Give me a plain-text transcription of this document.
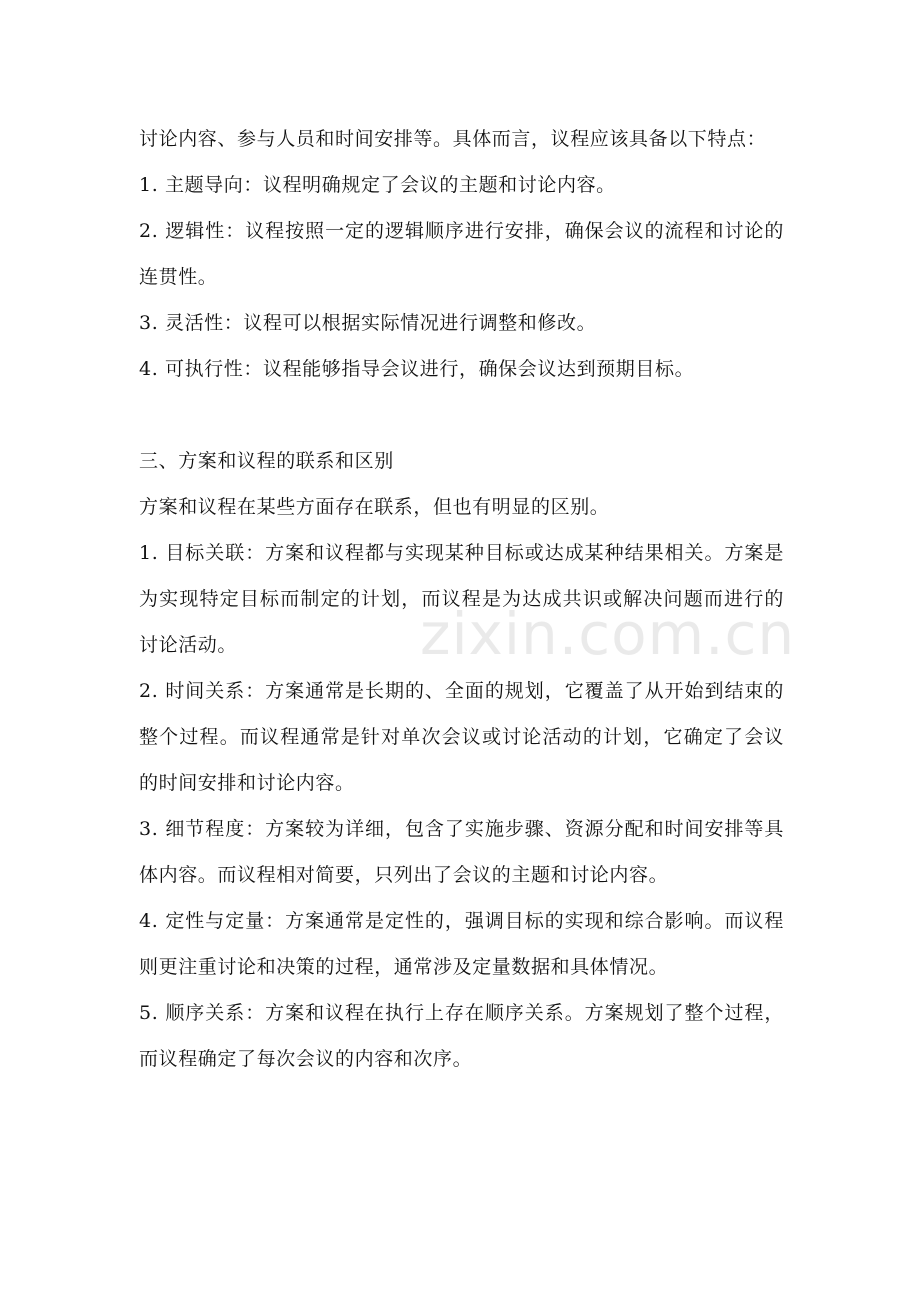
讨论内容、参与人员和时间安排等。具体而言，议程应该具备以下特点：

1. 主题导向：议程明确规定了会议的主题和讨论内容。

2. 逻辑性：议程按照一定的逻辑顺序进行安排，确保会议的流程和讨论的连贯性。

3. 灵活性：议程可以根据实际情况进行调整和修改。

4. 可执行性：议程能够指导会议进行，确保会议达到预期目标。

三、方案和议程的联系和区别

方案和议程在某些方面存在联系，但也有明显的区别。

1. 目标关联：方案和议程都与实现某种目标或达成某种结果相关。方案是为实现特定目标而制定的计划，而议程是为达成共识或解决问题而进行的讨论活动。

2. 时间关系：方案通常是长期的、全面的规划，它覆盖了从开始到结束的整个过程。而议程通常是针对单次会议或讨论活动的计划，它确定了会议的时间安排和讨论内容。

3. 细节程度：方案较为详细，包含了实施步骤、资源分配和时间安排等具体内容。而议程相对简要，只列出了会议的主题和讨论内容。

4. 定性与定量：方案通常是定性的，强调目标的实现和综合影响。而议程则更注重讨论和决策的过程，通常涉及定量数据和具体情况。

5. 顺序关系：方案和议程在执行上存在顺序关系。方案规划了整个过程，而议程确定了每次会议的内容和次序。

zixin.com.cn
